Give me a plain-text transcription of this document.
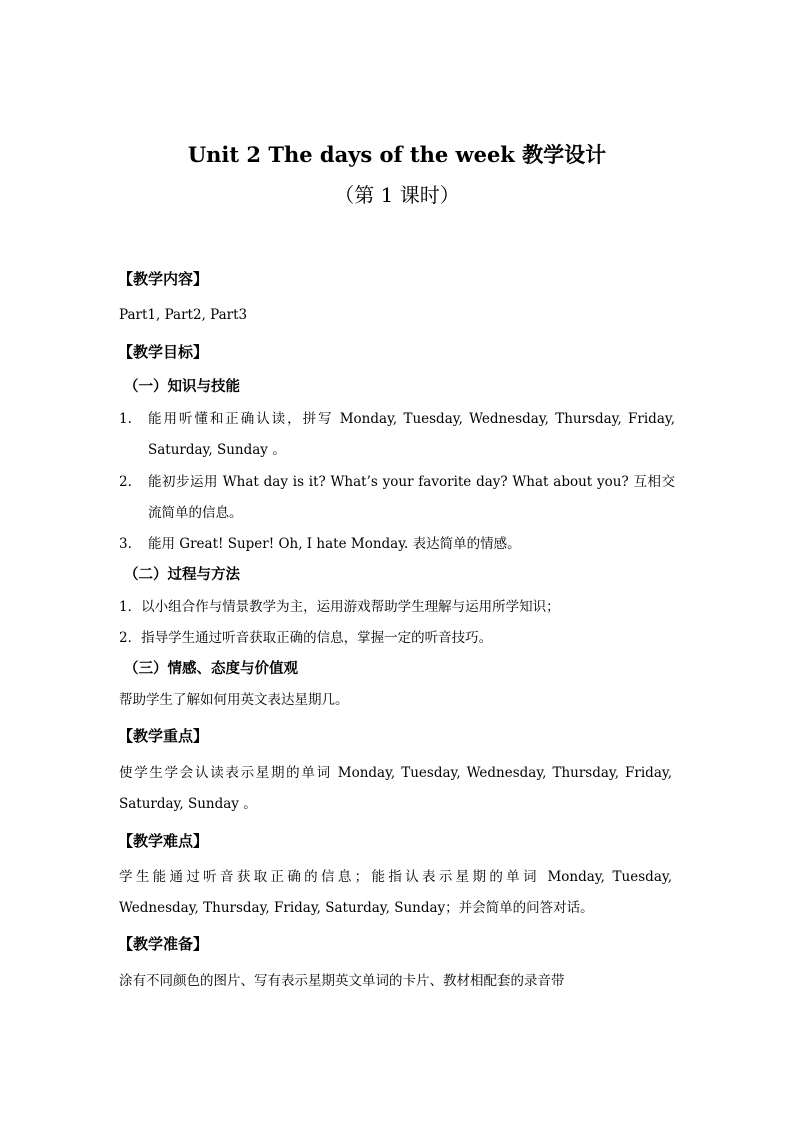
Unit 2 The days of the week 教学设计
（第 1 课时）
【教学内容】
Part1, Part2, Part3
【教学目标】
（一）知识与技能
1. 能用听懂和正确认读，拼写 Monday, Tuesday, Wednesday, Thursday, Friday,
Saturday, Sunday 。
2. 能初步运用 What day is it? What’s your favorite day? What about you? 互相交
流简单的信息。
3. 能用 Great! Super! Oh, I hate Monday. 表达简单的情感。
（二）过程与方法
1．以小组合作与情景教学为主，运用游戏帮助学生理解与运用所学知识；
2．指导学生通过听音获取正确的信息，掌握一定的听音技巧。
（三）情感、态度与价值观
帮助学生了解如何用英文表达星期几。
【教学重点】
使学生学会认读表示星期的单词 Monday, Tuesday, Wednesday, Thursday, Friday,
Saturday, Sunday 。
【教学难点】
学生能通过听音获取正确的信息；能指认表示星期的单词 Monday, Tuesday,
Wednesday, Thursday, Friday, Saturday, Sunday；并会简单的问答对话。
【教学准备】
涂有不同颜色的图片、写有表示星期英文单词的卡片、教材相配套的录音带
